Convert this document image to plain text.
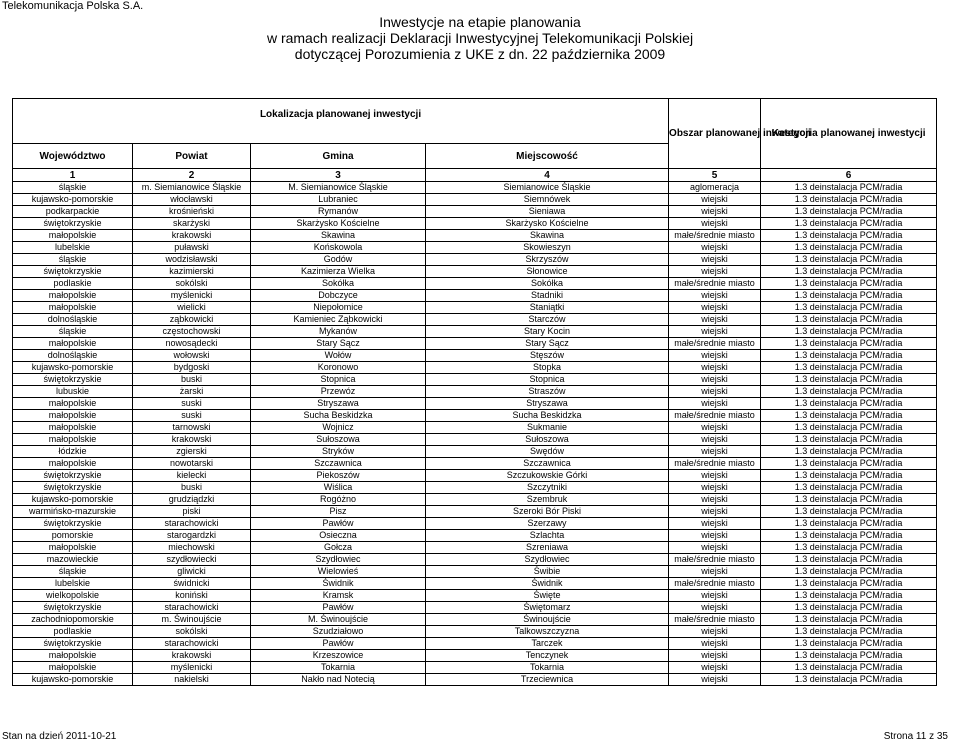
Telekomunikacja Polska S.A.
Inwestycje na etapie planowania
w ramach realizacji Deklaracji Inwestycyjnej Telekomunikacji Polskiej
dotyczącej Porozumienia z UKE z dn. 22 października 2009
Lokalizacja planowanej inwestycji				Obszar planowanej inwestycji	Kategoria planowanej inwestycji
Województwo	Powiat	Gmina	Miejscowość		
1	2	3	4	5	6
śląskie	m. Siemianowice Śląskie	M. Siemianowice Śląskie	Siemianowice Śląskie	aglomeracja	1.3 deinstalacja PCM/radia
kujawsko-pomorskie	włocławski	Lubraniec	Siemnówek	wiejski	1.3 deinstalacja PCM/radia
podkarpackie	krośnieński	Rymanów	Sieniawa	wiejski	1.3 deinstalacja PCM/radia
świętokrzyskie	skarżyski	Skarżysko Kościelne	Skarżysko Kościelne	wiejski	1.3 deinstalacja PCM/radia
małopolskie	krakowski	Skawina	Skawina	małe/średnie miasto	1.3 deinstalacja PCM/radia
lubelskie	puławski	Końskowola	Skowieszyn	wiejski	1.3 deinstalacja PCM/radia
śląskie	wodzisławski	Godów	Skrzyszów	wiejski	1.3 deinstalacja PCM/radia
świętokrzyskie	kazimierski	Kazimierza Wielka	Słonowice	wiejski	1.3 deinstalacja PCM/radia
podlaskie	sokólski	Sokółka	Sokółka	małe/średnie miasto	1.3 deinstalacja PCM/radia
małopolskie	myślenicki	Dobczyce	Stadniki	wiejski	1.3 deinstalacja PCM/radia
małopolskie	wielicki	Niepołomice	Staniątki	wiejski	1.3 deinstalacja PCM/radia
dolnośląskie	ząbkowicki	Kamieniec Ząbkowicki	Starczów	wiejski	1.3 deinstalacja PCM/radia
śląskie	częstochowski	Mykanów	Stary Kocin	wiejski	1.3 deinstalacja PCM/radia
małopolskie	nowosądecki	Stary Sącz	Stary Sącz	małe/średnie miasto	1.3 deinstalacja PCM/radia
dolnośląskie	wołowski	Wołów	Stęszów	wiejski	1.3 deinstalacja PCM/radia
kujawsko-pomorskie	bydgoski	Koronowo	Stopka	wiejski	1.3 deinstalacja PCM/radia
świętokrzyskie	buski	Stopnica	Stopnica	wiejski	1.3 deinstalacja PCM/radia
lubuskie	żarski	Przewóz	Straszów	wiejski	1.3 deinstalacja PCM/radia
małopolskie	suski	Stryszawa	Stryszawa	wiejski	1.3 deinstalacja PCM/radia
małopolskie	suski	Sucha Beskidzka	Sucha Beskidzka	małe/średnie miasto	1.3 deinstalacja PCM/radia
małopolskie	tarnowski	Wojnicz	Sukmanie	wiejski	1.3 deinstalacja PCM/radia
małopolskie	krakowski	Sułoszowa	Sułoszowa	wiejski	1.3 deinstalacja PCM/radia
łódzkie	zgierski	Stryków	Swędów	wiejski	1.3 deinstalacja PCM/radia
małopolskie	nowotarski	Szczawnica	Szczawnica	małe/średnie miasto	1.3 deinstalacja PCM/radia
świętokrzyskie	kielecki	Piekoszów	Szczukowskie Górki	wiejski	1.3 deinstalacja PCM/radia
świętokrzyskie	buski	Wiślica	Szczytniki	wiejski	1.3 deinstalacja PCM/radia
kujawsko-pomorskie	grudziądzki	Rogóżno	Szembruk	wiejski	1.3 deinstalacja PCM/radia
warmińsko-mazurskie	piski	Pisz	Szeroki Bór Piski	wiejski	1.3 deinstalacja PCM/radia
świętokrzyskie	starachowicki	Pawłów	Szerzawy	wiejski	1.3 deinstalacja PCM/radia
pomorskie	starogardzki	Osieczna	Szlachta	wiejski	1.3 deinstalacja PCM/radia
małopolskie	miechowski	Gołcza	Szreniawa	wiejski	1.3 deinstalacja PCM/radia
mazowieckie	szydłowiecki	Szydłowiec	Szydłowiec	małe/średnie miasto	1.3 deinstalacja PCM/radia
śląskie	gliwicki	Wielowieś	Świbie	wiejski	1.3 deinstalacja PCM/radia
lubelskie	świdnicki	Świdnik	Świdnik	małe/średnie miasto	1.3 deinstalacja PCM/radia
wielkopolskie	koniński	Kramsk	Święte	wiejski	1.3 deinstalacja PCM/radia
świętokrzyskie	starachowicki	Pawłów	Świętomarz	wiejski	1.3 deinstalacja PCM/radia
zachodniopomorskie	m. Świnoujście	M. Świnoujście	Świnoujście	małe/średnie miasto	1.3 deinstalacja PCM/radia
podlaskie	sokólski	Szudziałowo	Talkowszczyzna	wiejski	1.3 deinstalacja PCM/radia
świętokrzyskie	starachowicki	Pawłów	Tarczek	wiejski	1.3 deinstalacja PCM/radia
małopolskie	krakowski	Krzeszowice	Tenczynek	wiejski	1.3 deinstalacja PCM/radia
małopolskie	myślenicki	Tokarnia	Tokarnia	wiejski	1.3 deinstalacja PCM/radia
kujawsko-pomorskie	nakielski	Nakło nad Notecią	Trzeciewnica	wiejski	1.3 deinstalacja PCM/radia
Stan na dzień 2011-10-21	Strona 11 z 35
